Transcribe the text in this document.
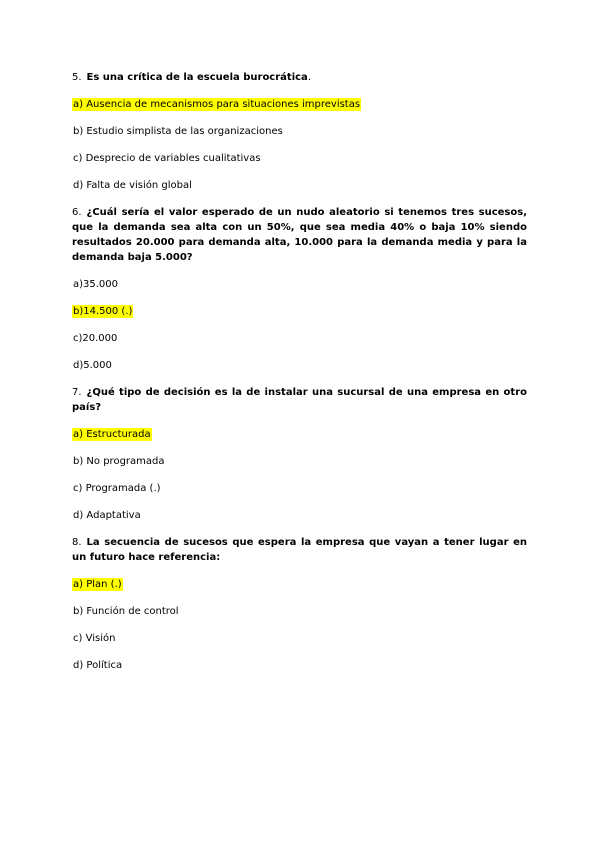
5. Es una crítica de la escuela burocrática.

a) Ausencia de mecanismos para situaciones imprevistas

b) Estudio simplista de las organizaciones

c) Desprecio de variables cualitativas

d) Falta de visión global

6. ¿Cuál sería el valor esperado de un nudo aleatorio si tenemos tres sucesos, que la demanda sea alta con un 50%, que sea media 40% o baja 10% siendo resultados 20.000 para demanda alta, 10.000 para la demanda media y para la demanda baja 5.000?

a)35.000

b)14.500 (.)

c)20.000

d)5.000

7. ¿Qué tipo de decisión es la de instalar una sucursal de una empresa en otro país?

a) Estructurada

b) No programada

c) Programada (.)

d) Adaptativa

8. La secuencia de sucesos que espera la empresa que vayan a tener lugar en un futuro hace referencia:

a) Plan (.)

b) Función de control

c) Visión

d) Política
